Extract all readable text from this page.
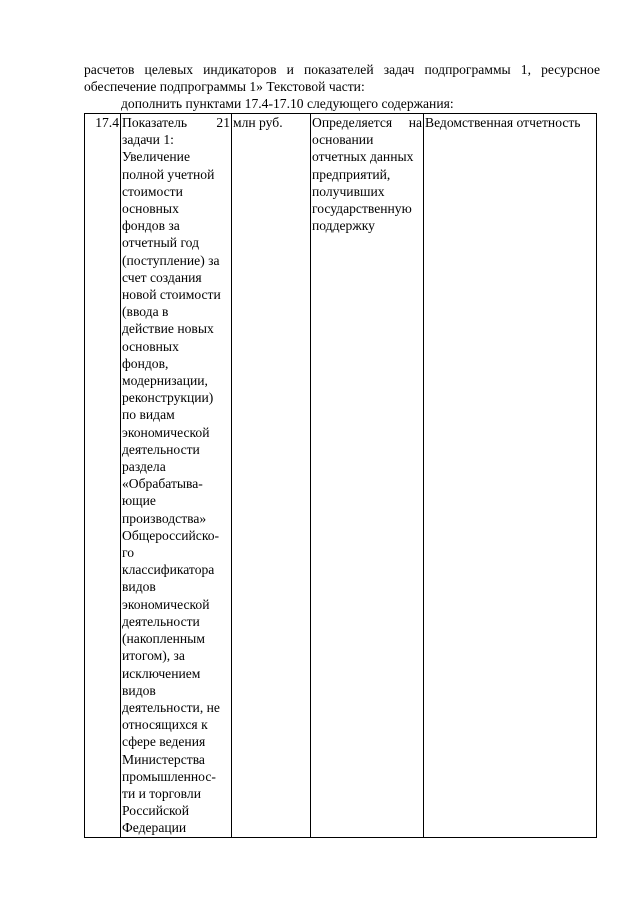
расчетов целевых индикаторов и показателей задач подпрограммы 1, ресурсное

обеспечение подпрограммы 1» Текстовой части:

дополнить пунктами 17.4-17.10 следующего содержания:

17.4	Показатель 21
задачи 1:
Увеличение
полной учетной
стоимости
основных
фондов за
отчетный год
(поступление) за
счет создания
новой стоимости
(ввода в
действие новых
основных
фондов,
модернизации,
реконструкции)
по видам
экономической
деятельности
раздела
«Обрабатыва-
ющие
производства»
Общероссийско-
го
классификатора
видов
экономической
деятельности
(накопленным
итогом), за
исключением
видов
деятельности, не
относящихся к
сфере ведения
Министерства
промышленнос-
ти и торговли
Российской
Федерации
	млн руб.	Определяется на
основании
отчетных данных
предприятий,
получивших
государственную
поддержку
	Ведомственная отчетность
